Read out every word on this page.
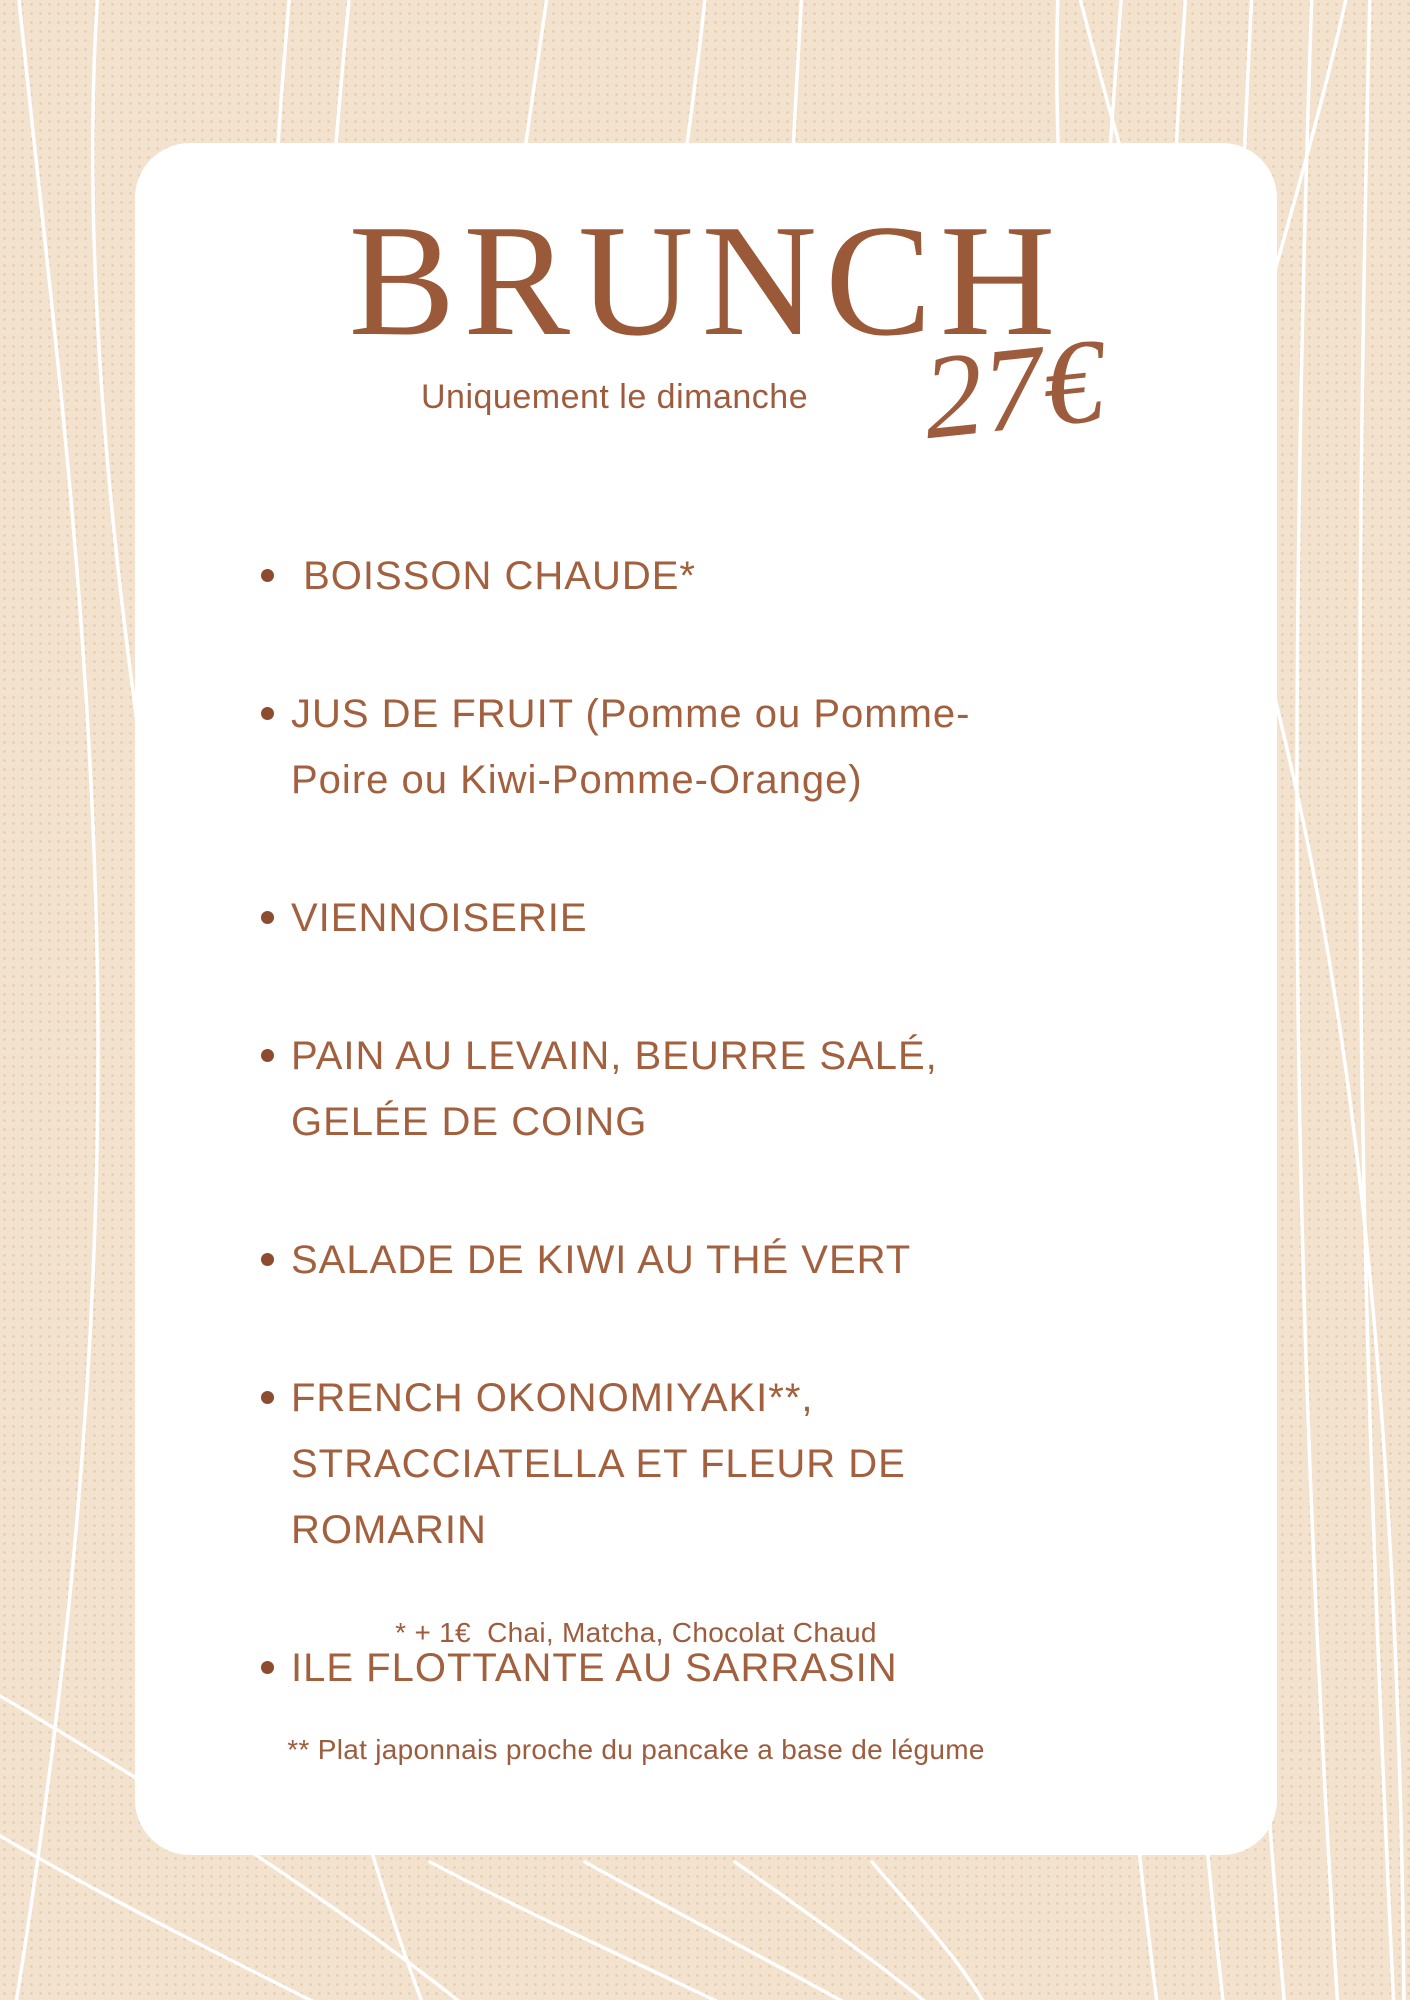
BRUNCH
Uniquement le dimanche 27€
BOISSON CHAUDE*
JUS DE FRUIT (Pomme ou Pomme-Poire ou Kiwi-Pomme-Orange)
VIENNOISERIE
PAIN AU LEVAIN, BEURRE SALÉ, GELÉE DE COING
SALADE DE KIWI AU THÉ VERT
FRENCH OKONOMIYAKI**, STRACCIATELLA ET FLEUR DE ROMARIN
ILE FLOTTANTE AU SARRASIN

* + 1€  Chai, Matcha, Chocolat Chaud

** Plat japonnais proche du pancake a base de légume
